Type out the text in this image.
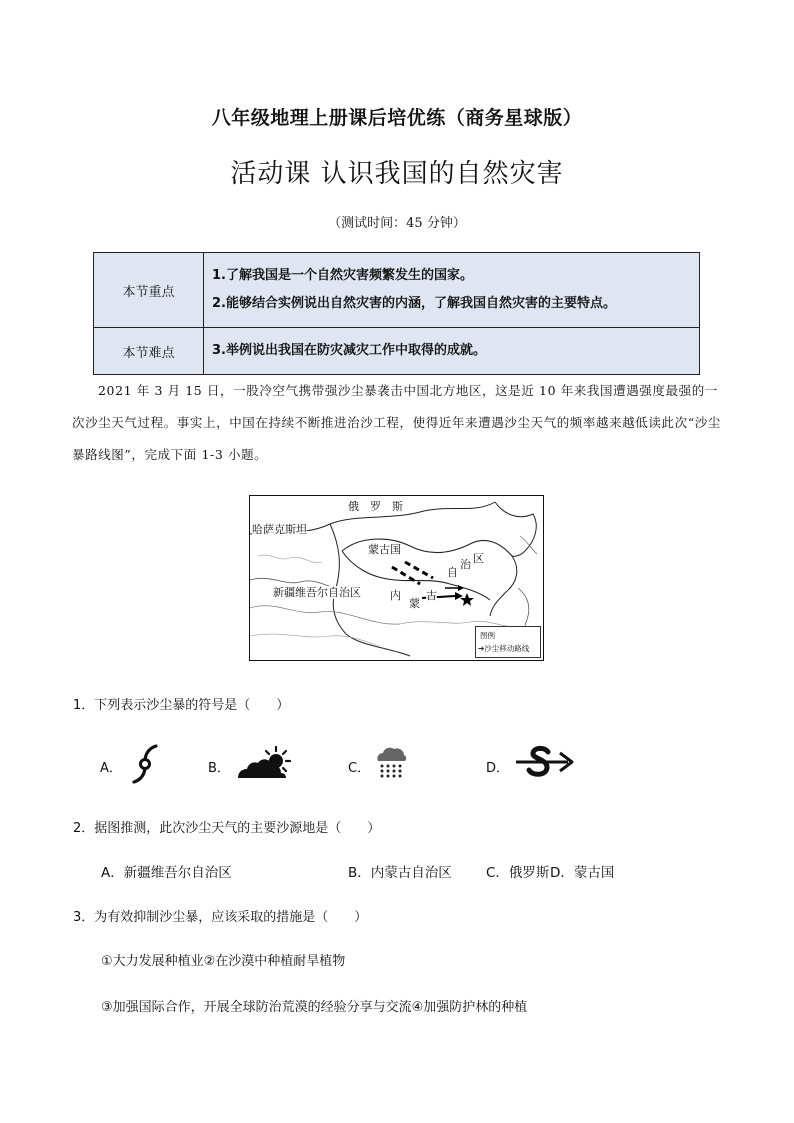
八年级地理上册课后培优练（商务星球版）
活动课 认识我国的自然灾害
（测试时间：45 分钟）
本节重点	1.了解我国是一个自然灾害频繁发生的国家。
2.能够结合实例说出自然灾害的内涵，了解我国自然灾害的主要特点。

本节难点	3.举例说出我国在防灾减灾工作中取得的成就。
2021 年 3 月 15 日，一股冷空气携带强沙尘暴袭击中国北方地区，这是近 10 年来我国遭遇强度最强的一次沙尘天气过程。事实上，中国在持续不断推进治沙工程，使得近年来遭遇沙尘天气的频率越来越低读此次“沙尘暴路线图”，完成下面 1-3 小题。
俄　罗　斯
哈萨克斯坦
蒙古国
新疆维吾尔自治区	内
蒙
古
自
治 区
图例
➔沙尘移动路线
1．下列表示沙尘暴的符号是（　　）
A．	B．	C．	D．
2．据图推测，此次沙尘天气的主要沙源地是（　　）
A．新疆维吾尔自治区	B．内蒙古自治区	C．俄罗斯 D．蒙古国
3．为有效抑制沙尘暴，应该采取的措施是（　　）
①大力发展种植业②在沙漠中种植耐旱植物
③加强国际合作，开展全球防治荒漠的经验分享与交流④加强防护林的种植
